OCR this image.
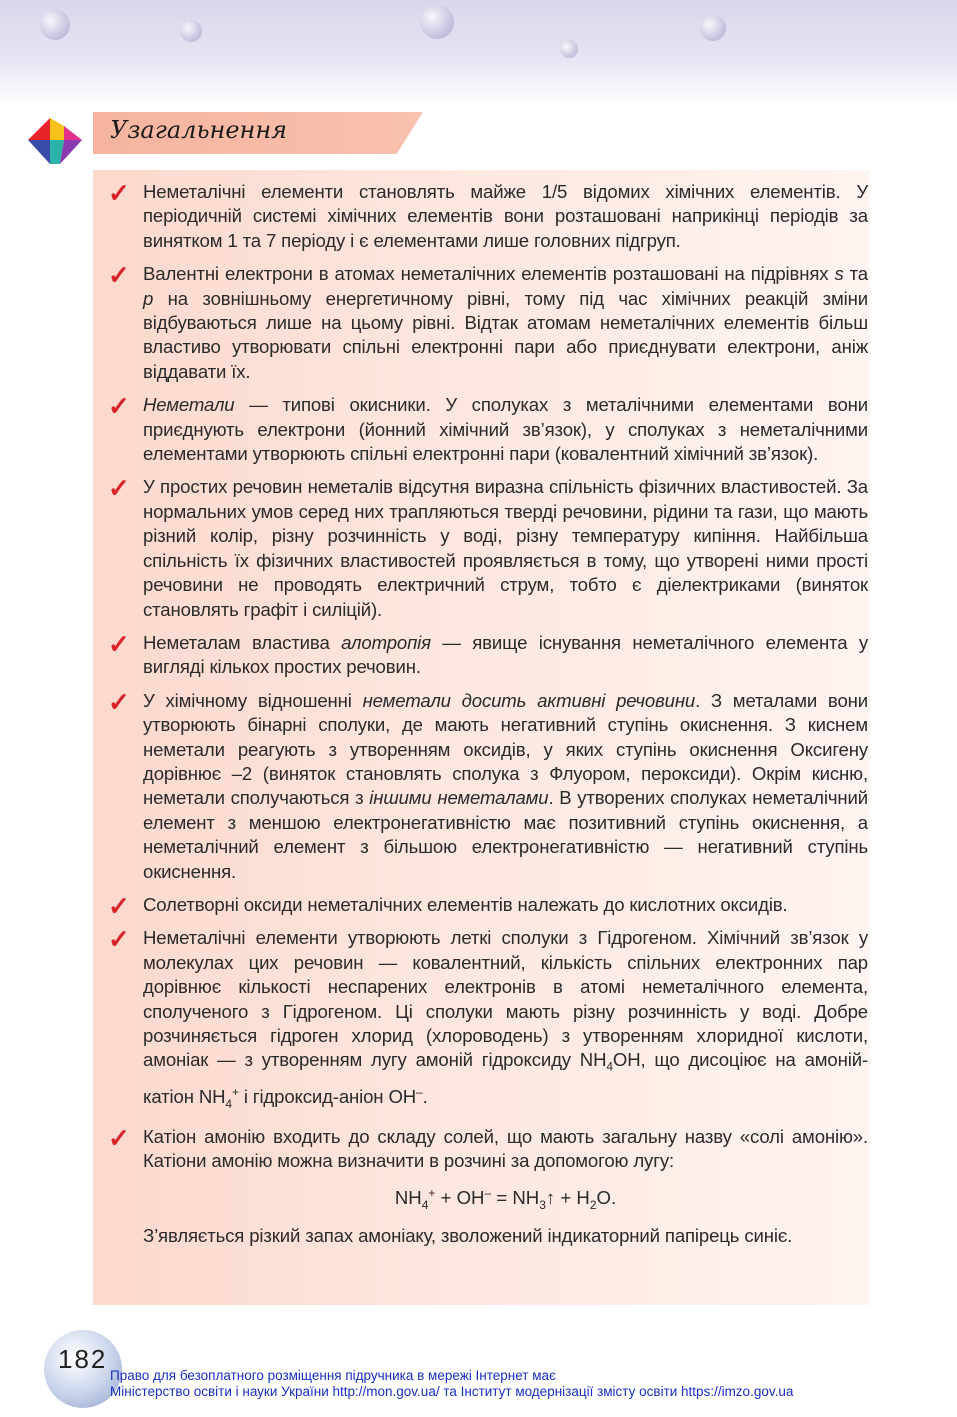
Узагальнення
✓ Неметалічні елементи становлять майже 1/5 відомих хімічних елементів. У періодичній системі хімічних елементів вони розташовані наприкінці періодів за винятком 1 та 7 періоду і є елементами лише головних підгруп.
✓ Валентні електрони в атомах неметалічних елементів розташовані на підрівнях s та p на зовнішньому енергетичному рівні, тому під час хімічних реакцій зміни відбуваються лише на цьому рівні. Відтак атомам неметалічних елементів більш властиво утворювати спільні електронні пари або приєднувати електрони, аніж віддавати їх.
✓ Неметали — типові окисники. У сполуках з металічними елементами вони приєднують електрони (йонний хімічний зв’язок), у сполуках з неметалічними елементами утворюють спільні електронні пари (ковалентний хімічний зв’язок).
✓ У простих речовин неметалів відсутня виразна спільність фізичних властивостей. За нормальних умов серед них трапляються тверді речовини, рідини та гази, що мають різний колір, різну розчинність у воді, різну температуру кипіння. Найбільша спільність їх фізичних властивостей проявляється в тому, що утворені ними прості речовини не проводять електричний струм, тобто є діелектриками (виняток становлять графіт і силіцій).
✓ Неметалам властива алотропія — явище існування неметалічного елемента у вигляді кількох простих речовин.
✓ У хімічному відношенні неметали досить активні речовини. З металами вони утворюють бінарні сполуки, де мають негативний ступінь окиснення. З киснем неметали реагують з утворенням оксидів, у яких ступінь окиснення Оксигену дорівнює –2 (виняток становлять сполука з Флуором, пероксиди). Окрім кисню, неметали сполучаються з іншими неметалами. В утворених сполуках неметалічний елемент з меншою електронегативністю має позитивний ступінь окиснення, а неметалічний елемент з більшою електронегативністю — негативний ступінь окиснення.
✓ Солетворні оксиди неметалічних елементів належать до кислотних оксидів.
✓ Неметалічні елементи утворюють леткі сполуки з Гідрогеном. Хімічний зв’язок у молекулах цих речовин — ковалентний, кількість спільних електронних пар дорівнює кількості неспарених електронів в атомі неметалічного елемента, сполученого з Гідрогеном. Ці сполуки мають різну розчинність у воді. Добре розчиняється гідроген хлорид (хлороводень) з утворенням хлоридної кислоти, амоніак — з утворенням лугу амоній гідроксиду $NH_4OH$, що дисоціює на амоній-катіон $NH_4^+$ і гідроксид-аніон OH–.
✓ Катіон амонію входить до складу солей, що мають загальну назву «солі амонію». Катіони амонію можна визначити в розчині за допомогою лугу:
$NH_4^+ + OH^-$ = $NH_3↑ + H_2O$.
З’являється різкий запах амоніаку, зволожений індикаторний папірець синіє.
182
Право для безоплатного розміщення підручника в мережі Інтернет має
Міністерство освіти і науки України http://mon.gov.ua/ та Інститут модернізації змісту освіти https://imzo.gov.ua
